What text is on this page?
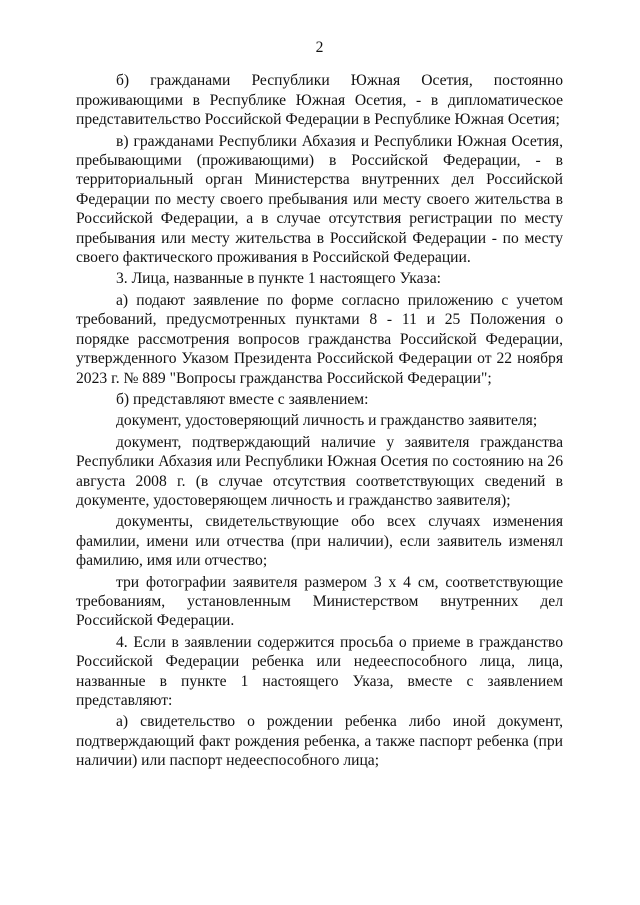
2

б) гражданами Республики Южная Осетия, постоянно проживающими в Республике Южная Осетия, - в дипломатическое представительство Российской Федерации в Республике Южная Осетия;

в) гражданами Республики Абхазия и Республики Южная Осетия, пребывающими (проживающими) в Российской Федерации, - в территориальный орган Министерства внутренних дел Российской Федерации по месту своего пребывания или месту своего жительства в Российской Федерации, а в случае отсутствия регистрации по месту пребывания или месту жительства в Российской Федерации - по месту своего фактического проживания в Российской Федерации.

3. Лица, названные в пункте 1 настоящего Указа:

а) подают заявление по форме согласно приложению с учетом требований, предусмотренных пунктами 8 - 11 и 25 Положения о порядке рассмотрения вопросов гражданства Российской Федерации, утвержденного Указом Президента Российской Федерации от 22 ноября 2023 г. № 889 "Вопросы гражданства Российской Федерации";

б) представляют вместе с заявлением:

документ, удостоверяющий личность и гражданство заявителя;

документ, подтверждающий наличие у заявителя гражданства Республики Абхазия или Республики Южная Осетия по состоянию на 26 августа 2008 г. (в случае отсутствия соответствующих сведений в документе, удостоверяющем личность и гражданство заявителя);

документы, свидетельствующие обо всех случаях изменения фамилии, имени или отчества (при наличии), если заявитель изменял фамилию, имя или отчество;

три фотографии заявителя размером 3 x 4 см, соответствующие требованиям, установленным Министерством внутренних дел Российской Федерации.

4. Если в заявлении содержится просьба о приеме в гражданство Российской Федерации ребенка или недееспособного лица, лица, названные в пункте 1 настоящего Указа, вместе с заявлением представляют:

а) свидетельство о рождении ребенка либо иной документ, подтверждающий факт рождения ребенка, а также паспорт ребенка (при наличии) или паспорт недееспособного лица;
